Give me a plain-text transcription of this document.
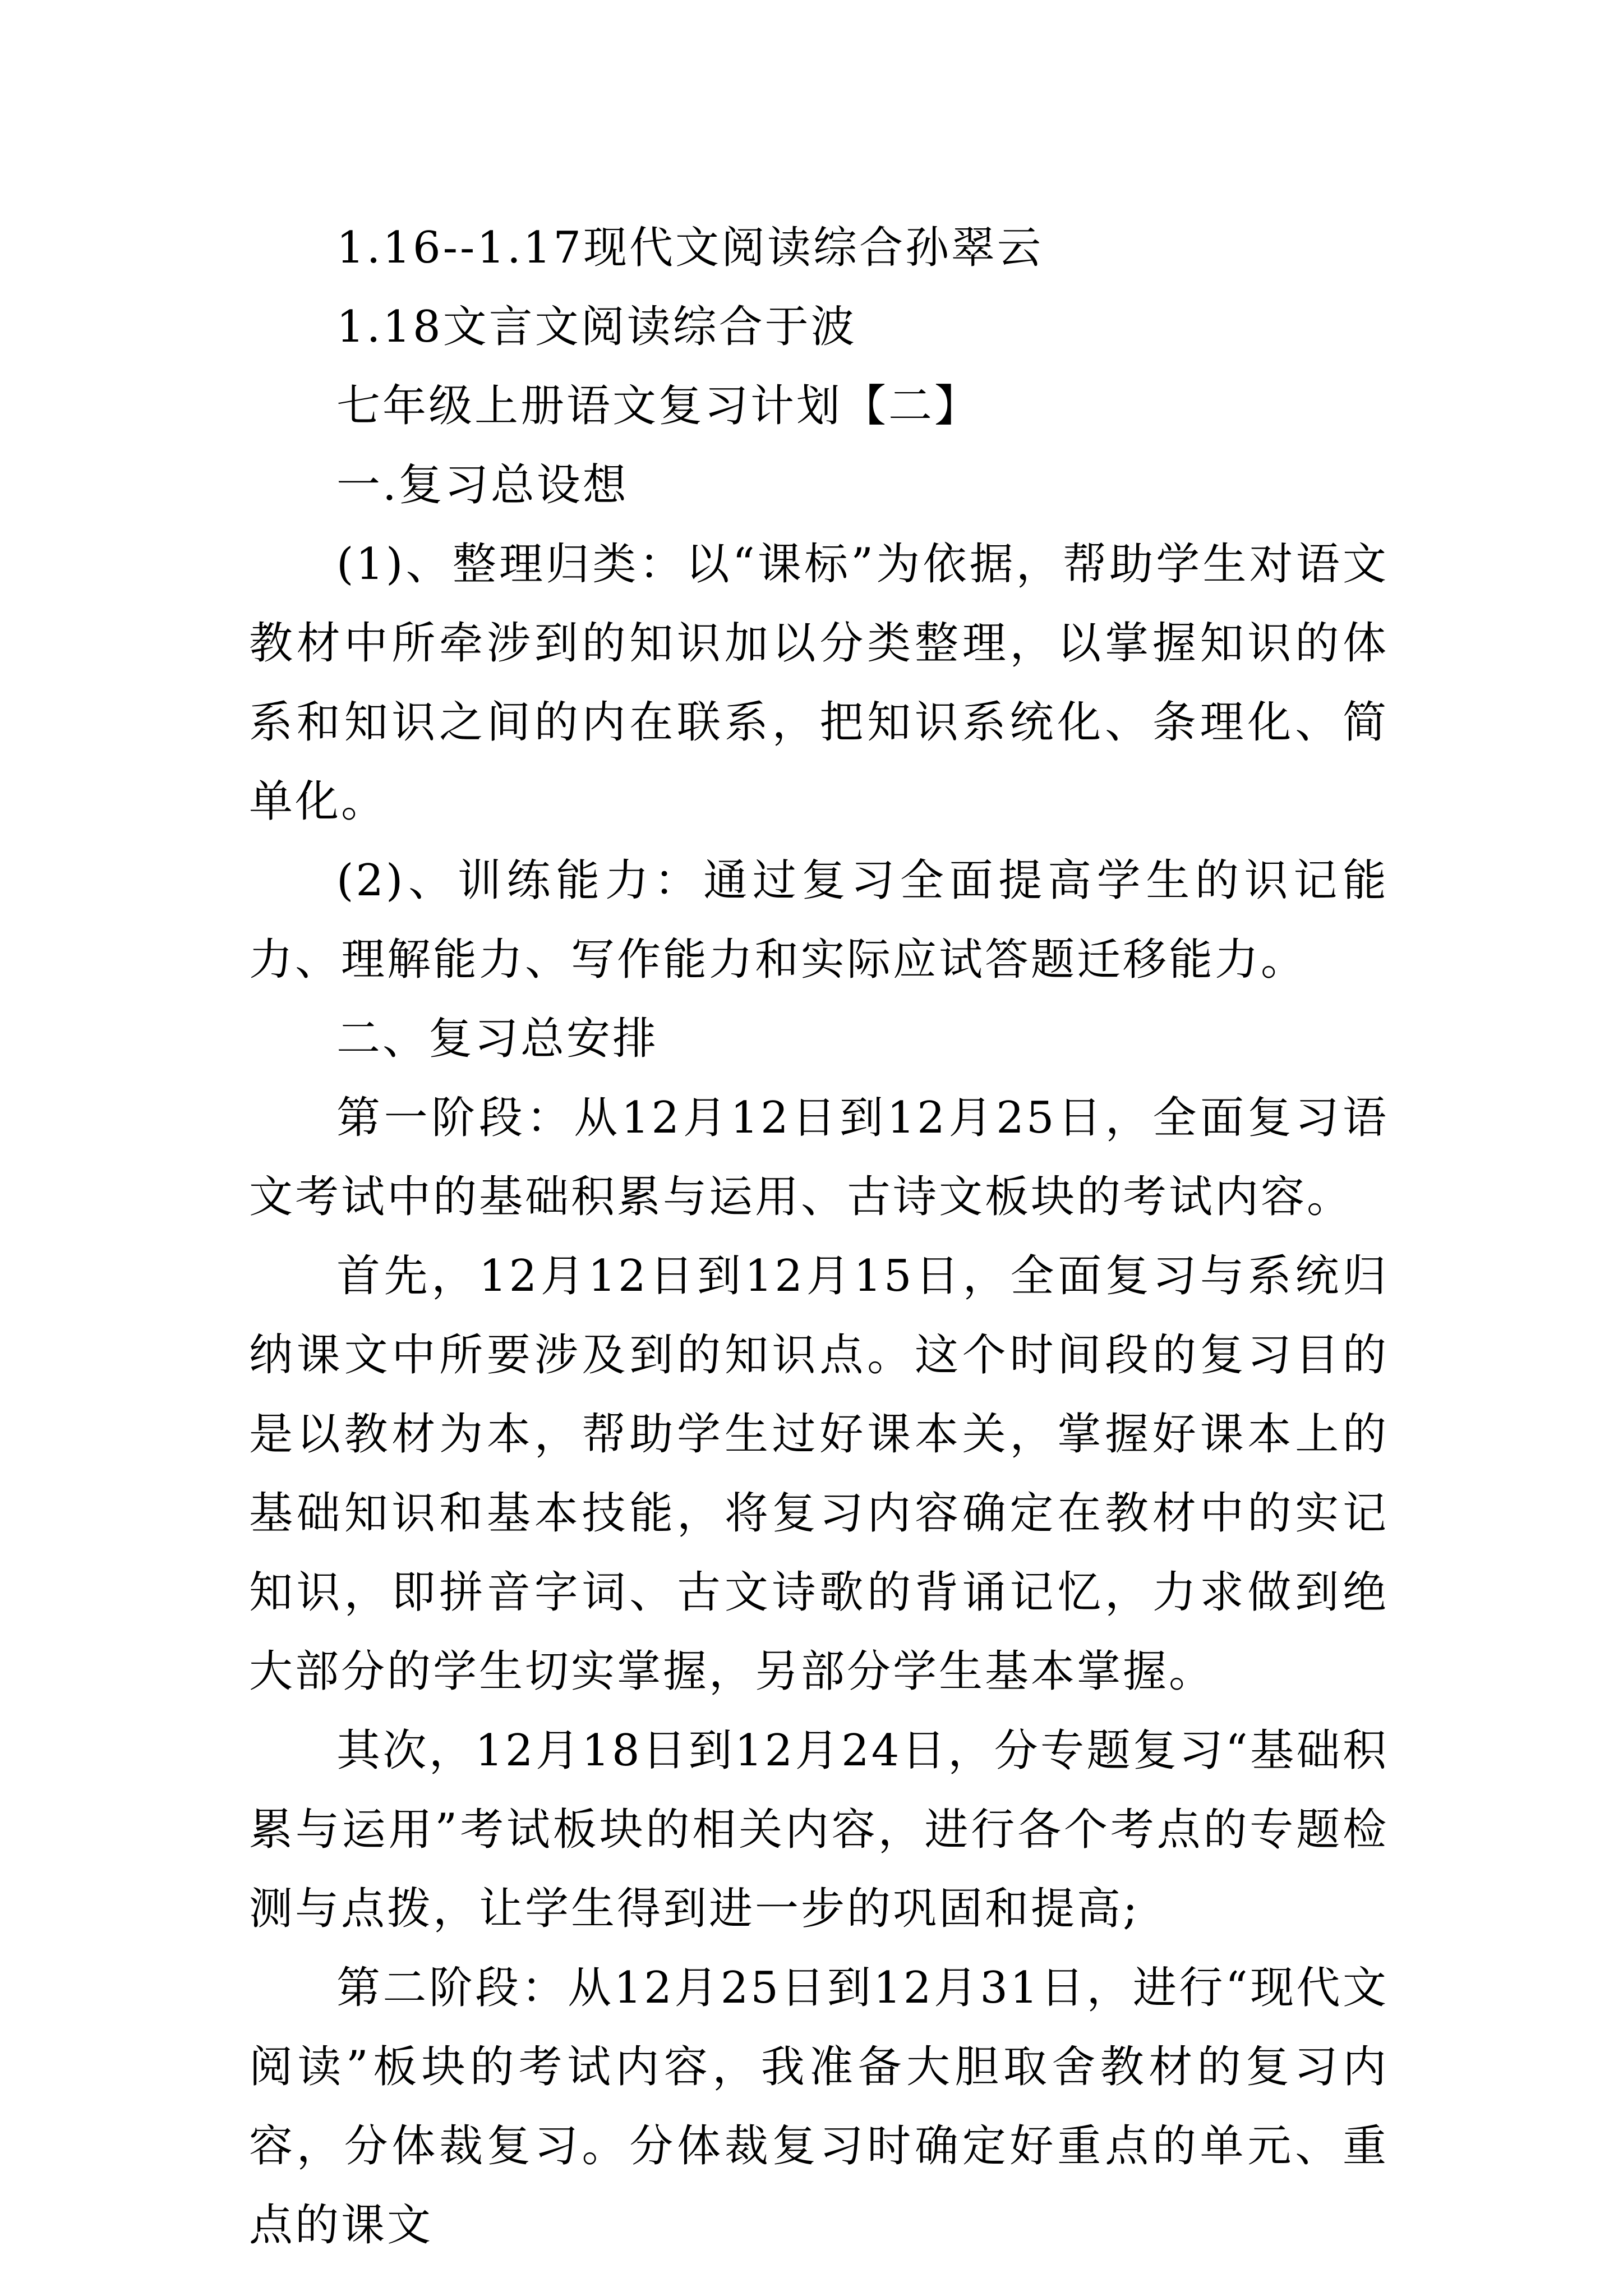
1.16--1.17现代文阅读综合孙翠云

1.18文言文阅读综合于波

七年级上册语文复习计划【二】

一.复习总设想

(1)、整理归类：以“课标”为依据，帮助学生对语文教材中所牵涉到的知识加以分类整理，以掌握知识的体系和知识之间的内在联系，把知识系统化、条理化、简单化。

(2)、训练能力：通过复习全面提高学生的识记能力、理解能力、写作能力和实际应试答题迁移能力。

二、复习总安排

第一阶段：从12月12日到12月25日，全面复习语文考试中的基础积累与运用、古诗文板块的考试内容。

首先，12月12日到12月15日，全面复习与系统归纳课文中所要涉及到的知识点。这个时间段的复习目的是以教材为本，帮助学生过好课本关，掌握好课本上的基础知识和基本技能，将复习内容确定在教材中的实记知识，即拼音字词、古文诗歌的背诵记忆，力求做到绝大部分的学生切实掌握，另部分学生基本掌握。

其次，12月18日到12月24日，分专题复习“基础积累与运用”考试板块的相关内容，进行各个考点的专题检测与点拨，让学生得到进一步的巩固和提高;

第二阶段：从12月25日到12月31日，进行“现代文阅读”板块的考试内容，我准备大胆取舍教材的复习内容，分体裁复习。分体裁复习时确定好重点的单元、重点的课文
